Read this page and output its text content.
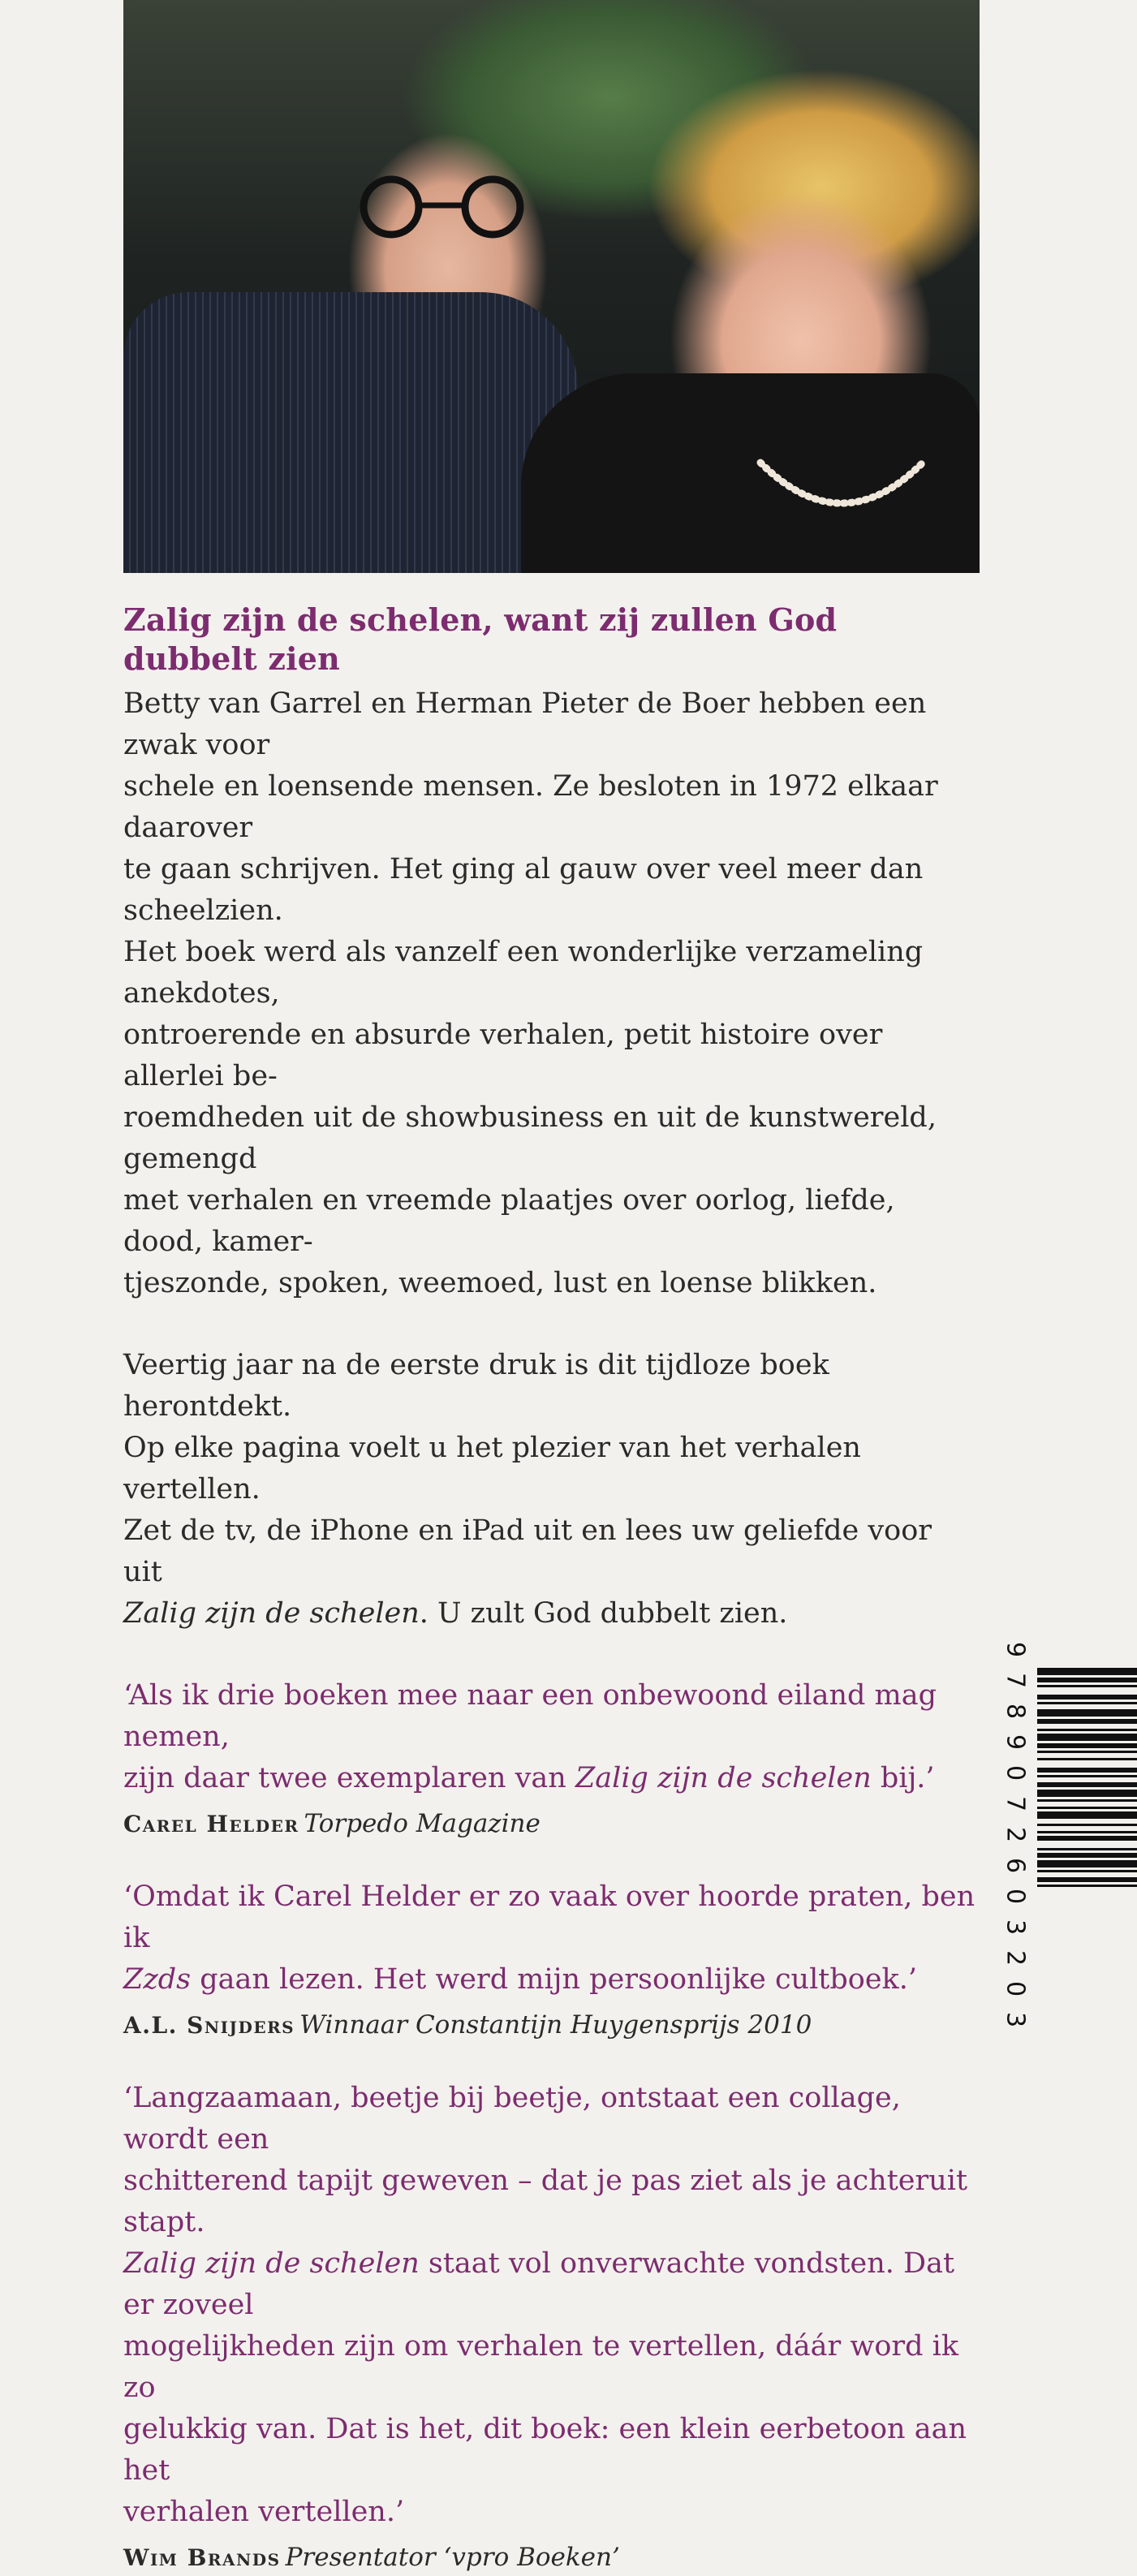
Zalig zijn de schelen, want zij zullen God dubbelt zien

Betty van Garrel en Herman Pieter de Boer hebben een zwak voor
schele en loensende mensen. Ze besloten in 1972 elkaar daarover
te gaan schrijven. Het ging al gauw over veel meer dan scheelzien.
Het boek werd als vanzelf een wonderlijke verzameling anekdotes,
ontroerende en absurde verhalen, petit histoire over allerlei be-
roemdheden uit de showbusiness en uit de kunstwereld, gemengd
met verhalen en vreemde plaatjes over oorlog, liefde, dood, kamer-
tjeszonde, spoken, weemoed, lust en loense blikken.

Veertig jaar na de eerste druk is dit tijdloze boek herontdekt.
Op elke pagina voelt u het plezier van het verhalen vertellen.
Zet de tv, de iPhone en iPad uit en lees uw geliefde voor uit
Zalig zijn de schelen. U zult God dubbelt zien.

‘Als ik drie boeken mee naar een onbewoond eiland mag nemen,
zijn daar twee exemplaren van Zalig zijn de schelen bij.’

Carel Helder Torpedo Magazine

‘Omdat ik Carel Helder er zo vaak over hoorde praten, ben ik
Zzds gaan lezen. Het werd mijn persoonlijke cultboek.’

A.L. Snijders Winnaar Constantijn Huygensprijs 2010

‘Langzaamaan, beetje bij beetje, ontstaat een collage, wordt een
schitterend tapijt geweven – dat je pas ziet als je achteruit stapt.
Zalig zijn de schelen staat vol onverwachte vondsten. Dat er zoveel
mogelijkheden zijn om verhalen te vertellen, dáár word ik zo
gelukkig van. Dat is het, dit boek: een klein eerbetoon aan het
verhalen vertellen.’

Wim Brands Presentator ‘vpro Boeken’
9
7
8
9
0
7
2
6
0
3
2
0
3
